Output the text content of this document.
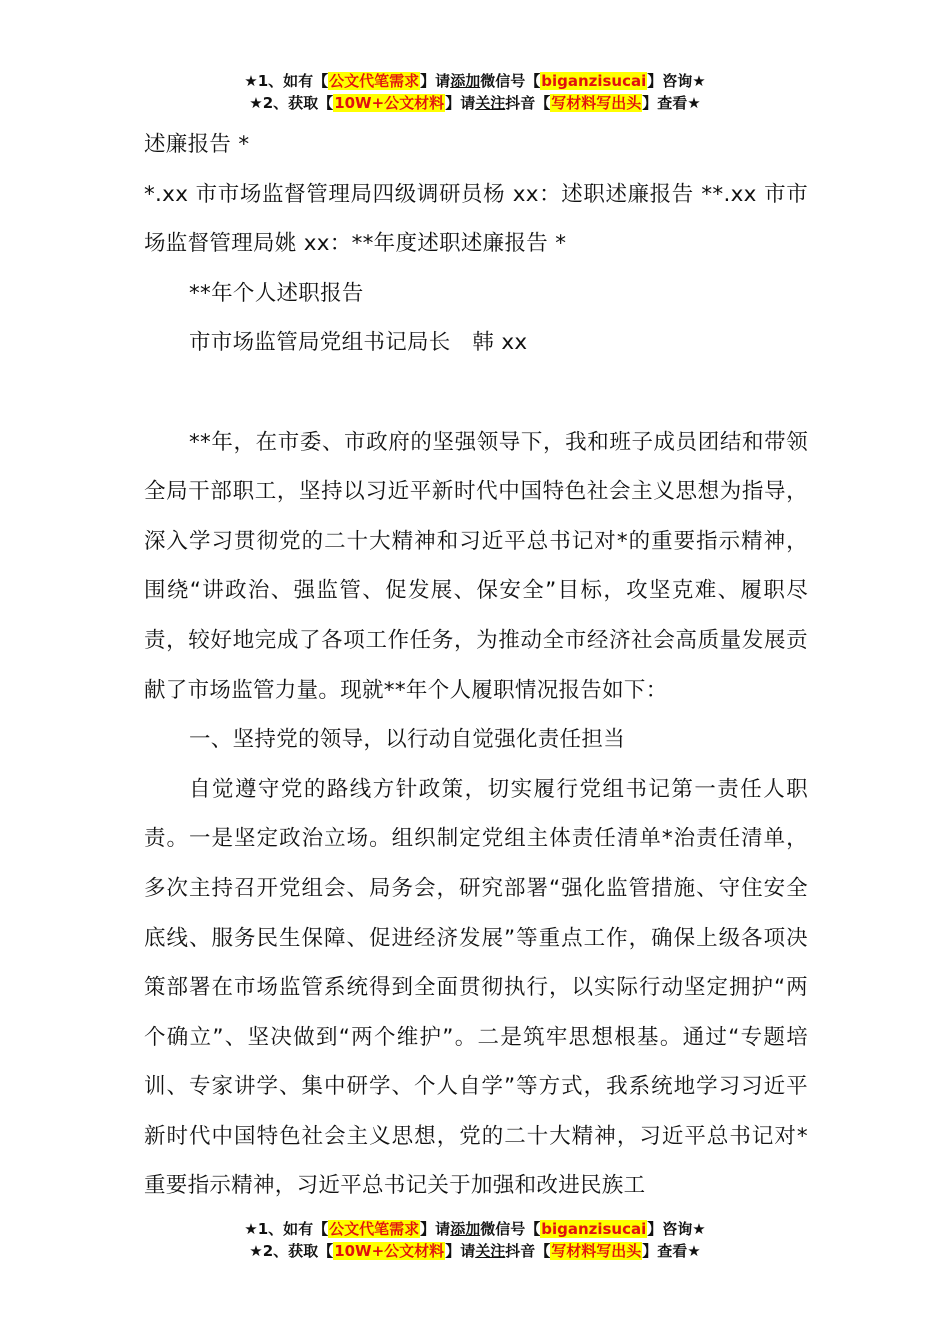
★1、如有【公文代笔需求】请添加微信号【biganzisucai】咨询★
★2、获取【10W+公文材料】请关注抖音【写材料写出头】查看★

述廉报告 *

*.xx 市市场监督管理局四级调研员杨 xx：述职述廉报告 **.xx 市市场监督管理局姚 xx：**年度述职述廉报告 *

**年个人述职报告

市市场监管局党组书记局长　韩 xx

**年，在市委、市政府的坚强领导下，我和班子成员团结和带领全局干部职工，坚持以习近平新时代中国特色社会主义思想为指导，深入学习贯彻党的二十大精神和习近平总书记对*的重要指示精神，围绕“讲政治、强监管、促发展、保安全”目标，攻坚克难、履职尽责，较好地完成了各项工作任务，为推动全市经济社会高质量发展贡献了市场监管力量。现就**年个人履职情况报告如下：

一、坚持党的领导，以行动自觉强化责任担当

自觉遵守党的路线方针政策，切实履行党组书记第一责任人职责。一是坚定政治立场。组织制定党组主体责任清单*治责任清单，多次主持召开党组会、局务会，研究部署“强化监管措施、守住安全底线、服务民生保障、促进经济发展”等重点工作，确保上级各项决策部署在市场监管系统得到全面贯彻执行，以实际行动坚定拥护“两个确立”、坚决做到“两个维护”。二是筑牢思想根基。通过“专题培训、专家讲学、集中研学、个人自学”等方式，我系统地学习习近平新时代中国特色社会主义思想，党的二十大精神，习近平总书记对*重要指示精神，习近平总书记关于加强和改进民族工

★1、如有【公文代笔需求】请添加微信号【biganzisucai】咨询★
★2、获取【10W+公文材料】请关注抖音【写材料写出头】查看★
